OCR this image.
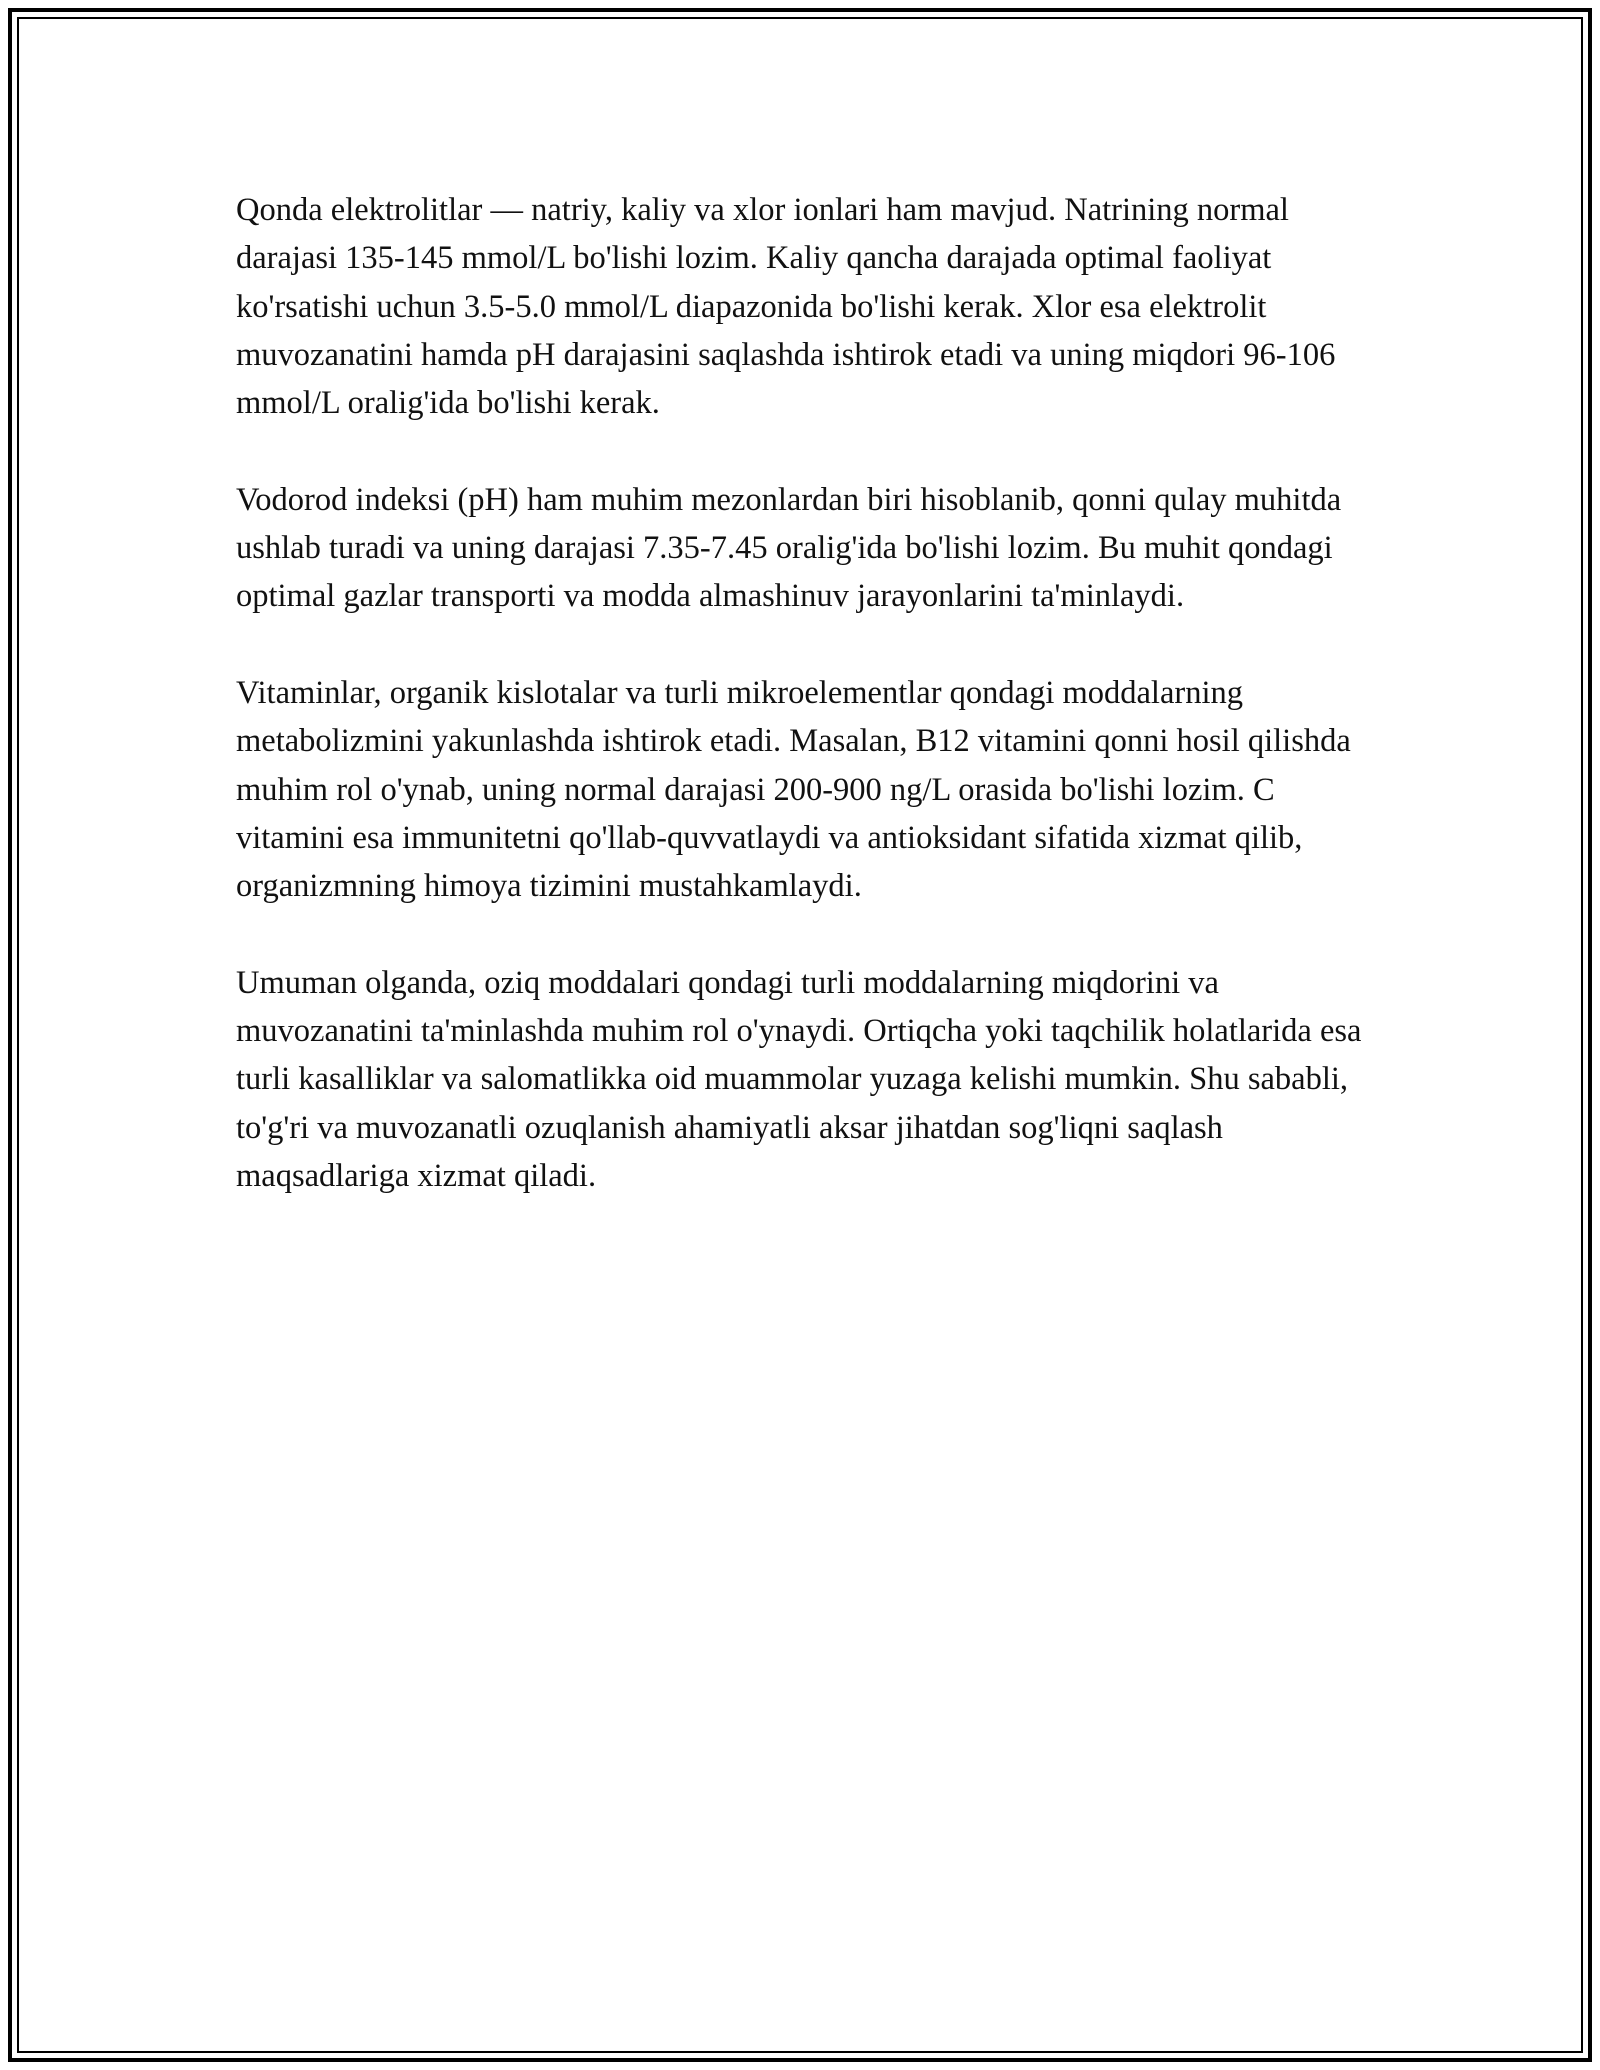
Qonda elektrolitlar — natriy, kaliy va xlor ionlari ham mavjud. Natrining normal darajasi 135-145 mmol/L bo'lishi lozim. Kaliy qancha darajada optimal faoliyat ko'rsatishi uchun 3.5-5.0 mmol/L diapazonida bo'lishi kerak. Xlor esa elektrolit muvozanatini hamda pH darajasini saqlashda ishtirok etadi va uning miqdori 96-106 mmol/L oralig'ida bo'lishi kerak.

Vodorod indeksi (pH) ham muhim mezonlardan biri hisoblanib, qonni qulay muhitda ushlab turadi va uning darajasi 7.35-7.45 oralig'ida bo'lishi lozim. Bu muhit qondagi optimal gazlar transporti va modda almashinuv jarayonlarini ta'minlaydi.

Vitaminlar, organik kislotalar va turli mikroelementlar qondagi moddalarning metabolizmini yakunlashda ishtirok etadi. Masalan, B12 vitamini qonni hosil qilishda muhim rol o'ynab, uning normal darajasi 200-900 ng/L orasida bo'lishi lozim. C vitamini esa immunitetni qo'llab-quvvatlaydi va antioksidant sifatida xizmat qilib, organizmning himoya tizimini mustahkamlaydi.

Umuman olganda, oziq moddalari qondagi turli moddalarning miqdorini va muvozanatini ta'minlashda muhim rol o'ynaydi. Ortiqcha yoki taqchilik holatlarida esa turli kasalliklar va salomatlikka oid muammolar yuzaga kelishi mumkin. Shu sababli, to'g'ri va muvozanatli ozuqlanish ahamiyatli aksar jihatdan sog'liqni saqlash maqsadlariga xizmat qiladi.
